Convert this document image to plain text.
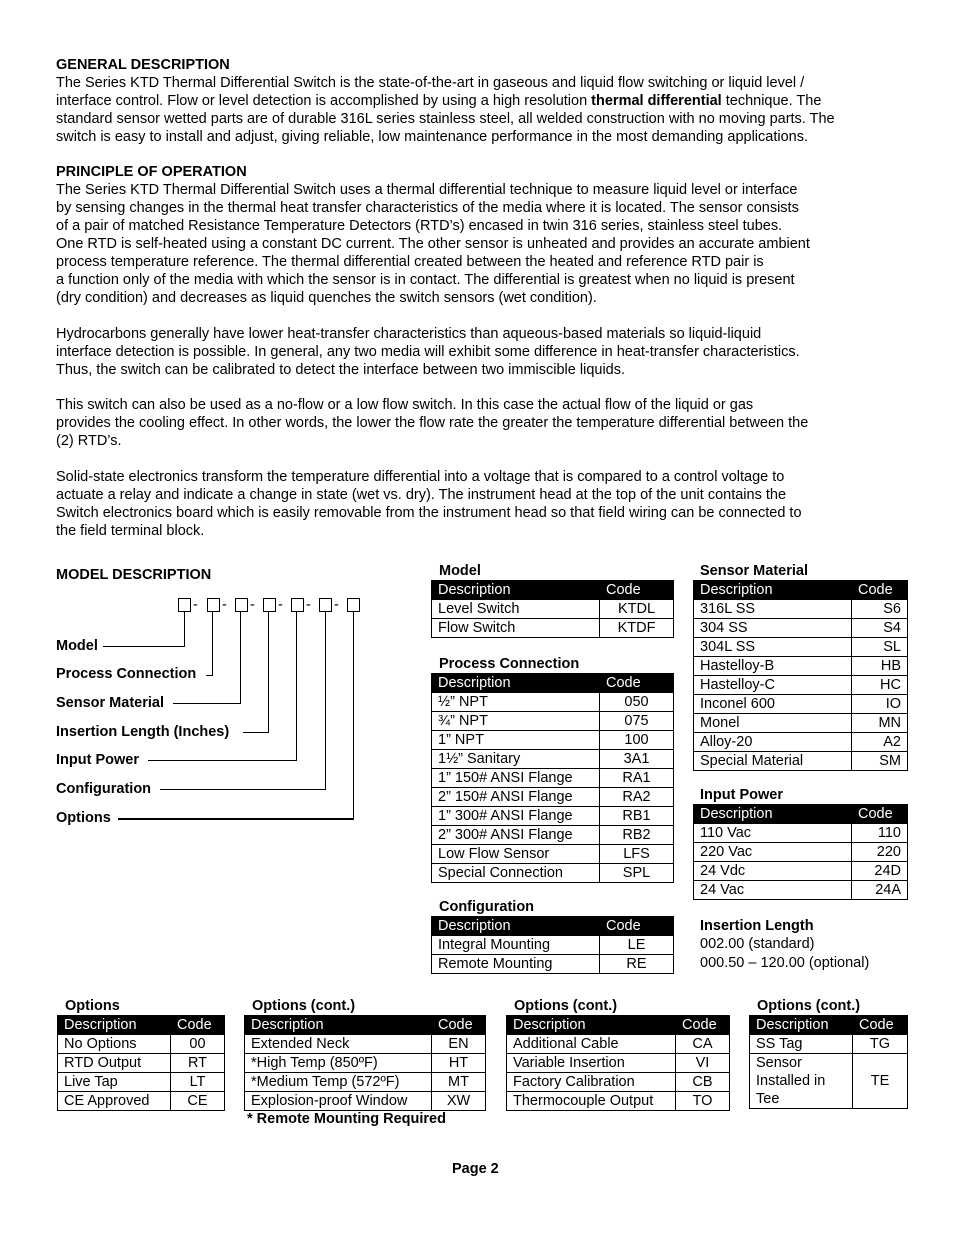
GENERAL DESCRIPTION
The Series KTD Thermal Differential Switch is the state-of-the-art in gaseous and liquid flow switching or liquid level /
interface control. Flow or level detection is accomplished by using a high resolution thermal differential technique. The
standard sensor wetted parts are of durable 316L series stainless steel, all welded construction with no moving parts. The
switch is easy to install and adjust, giving reliable, low maintenance performance in the most demanding applications.
PRINCIPLE OF OPERATION
The Series KTD Thermal Differential Switch uses a thermal differential technique to measure liquid level or interface
by sensing changes in the thermal heat transfer characteristics of the media where it is located. The sensor consists
of a pair of matched Resistance Temperature Detectors (RTD’s) encased in twin 316 series, stainless steel tubes.
One RTD is self-heated using a constant DC current. The other sensor is unheated and provides an accurate ambient
process temperature reference. The thermal differential created between the heated and reference RTD pair is
a function only of the media with which the sensor is in contact. The differential is greatest when no liquid is present
(dry condition) and decreases as liquid quenches the switch sensors (wet condition).
Hydrocarbons generally have lower heat-transfer characteristics than aqueous-based materials so liquid-liquid
interface detection is possible. In general, any two media will exhibit some difference in heat-transfer characteristics.
Thus, the switch can be calibrated to detect the interface between two immiscible liquids.
This switch can also be used as a no-flow or a low flow switch. In this case the actual flow of the liquid or gas
provides the cooling effect. In other words, the lower the flow rate the greater the temperature differential between the
(2) RTD’s.
Solid-state electronics transform the temperature differential into a voltage that is compared to a control voltage to
actuate a relay and indicate a change in state (wet vs. dry). The instrument head at the top of the unit contains the
Switch electronics board which is easily removable from the instrument head so that field wiring can be connected to
the field terminal block.
MODEL DESCRIPTION
- - - - - -
Model
Process Connection
Sensor Material
Insertion Length (Inches)
Input Power
Configuration
Options
Model
Description	Code
Level Switch	KTDL
Flow Switch	KTDF
Process Connection
Description	Code
½” NPT	050
¾” NPT	075
1” NPT	100
1½” Sanitary	3A1
1” 150# ANSI Flange	RA1
2” 150# ANSI Flange	RA2
1” 300# ANSI Flange	RB1
2” 300# ANSI Flange	RB2
Low Flow Sensor	LFS
Special Connection	SPL
Configuration
Description	Code
Integral Mounting	LE
Remote Mounting	RE
Sensor Material
Description	Code
316L SS	S6
304 SS	S4
304L SS	SL
Hastelloy-B	HB
Hastelloy-C	HC
Inconel 600	IO
Monel	MN
Alloy-20	A2
Special Material	SM
Input Power
Description	Code
110 Vac	110
220 Vac	220
24 Vdc	24D
24 Vac	24A
Insertion Length
002.00 (standard)
000.50 – 120.00 (optional)
Options
Description	Code
No Options	00
RTD Output	RT
Live Tap	LT
CE Approved	CE
Options (cont.)
Description	Code
Extended Neck	EN
*High Temp (850ºF)	HT
*Medium Temp (572ºF)	MT
Explosion-proof Window	XW
* Remote Mounting Required
Options (cont.)
Description	Code
Additional Cable	CA
Variable Insertion	VI
Factory Calibration	CB
Thermocouple Output	TO
Options (cont.)
Description	Code
SS Tag	TG

Sensor
Installed in
Tee	TE
Page 2
